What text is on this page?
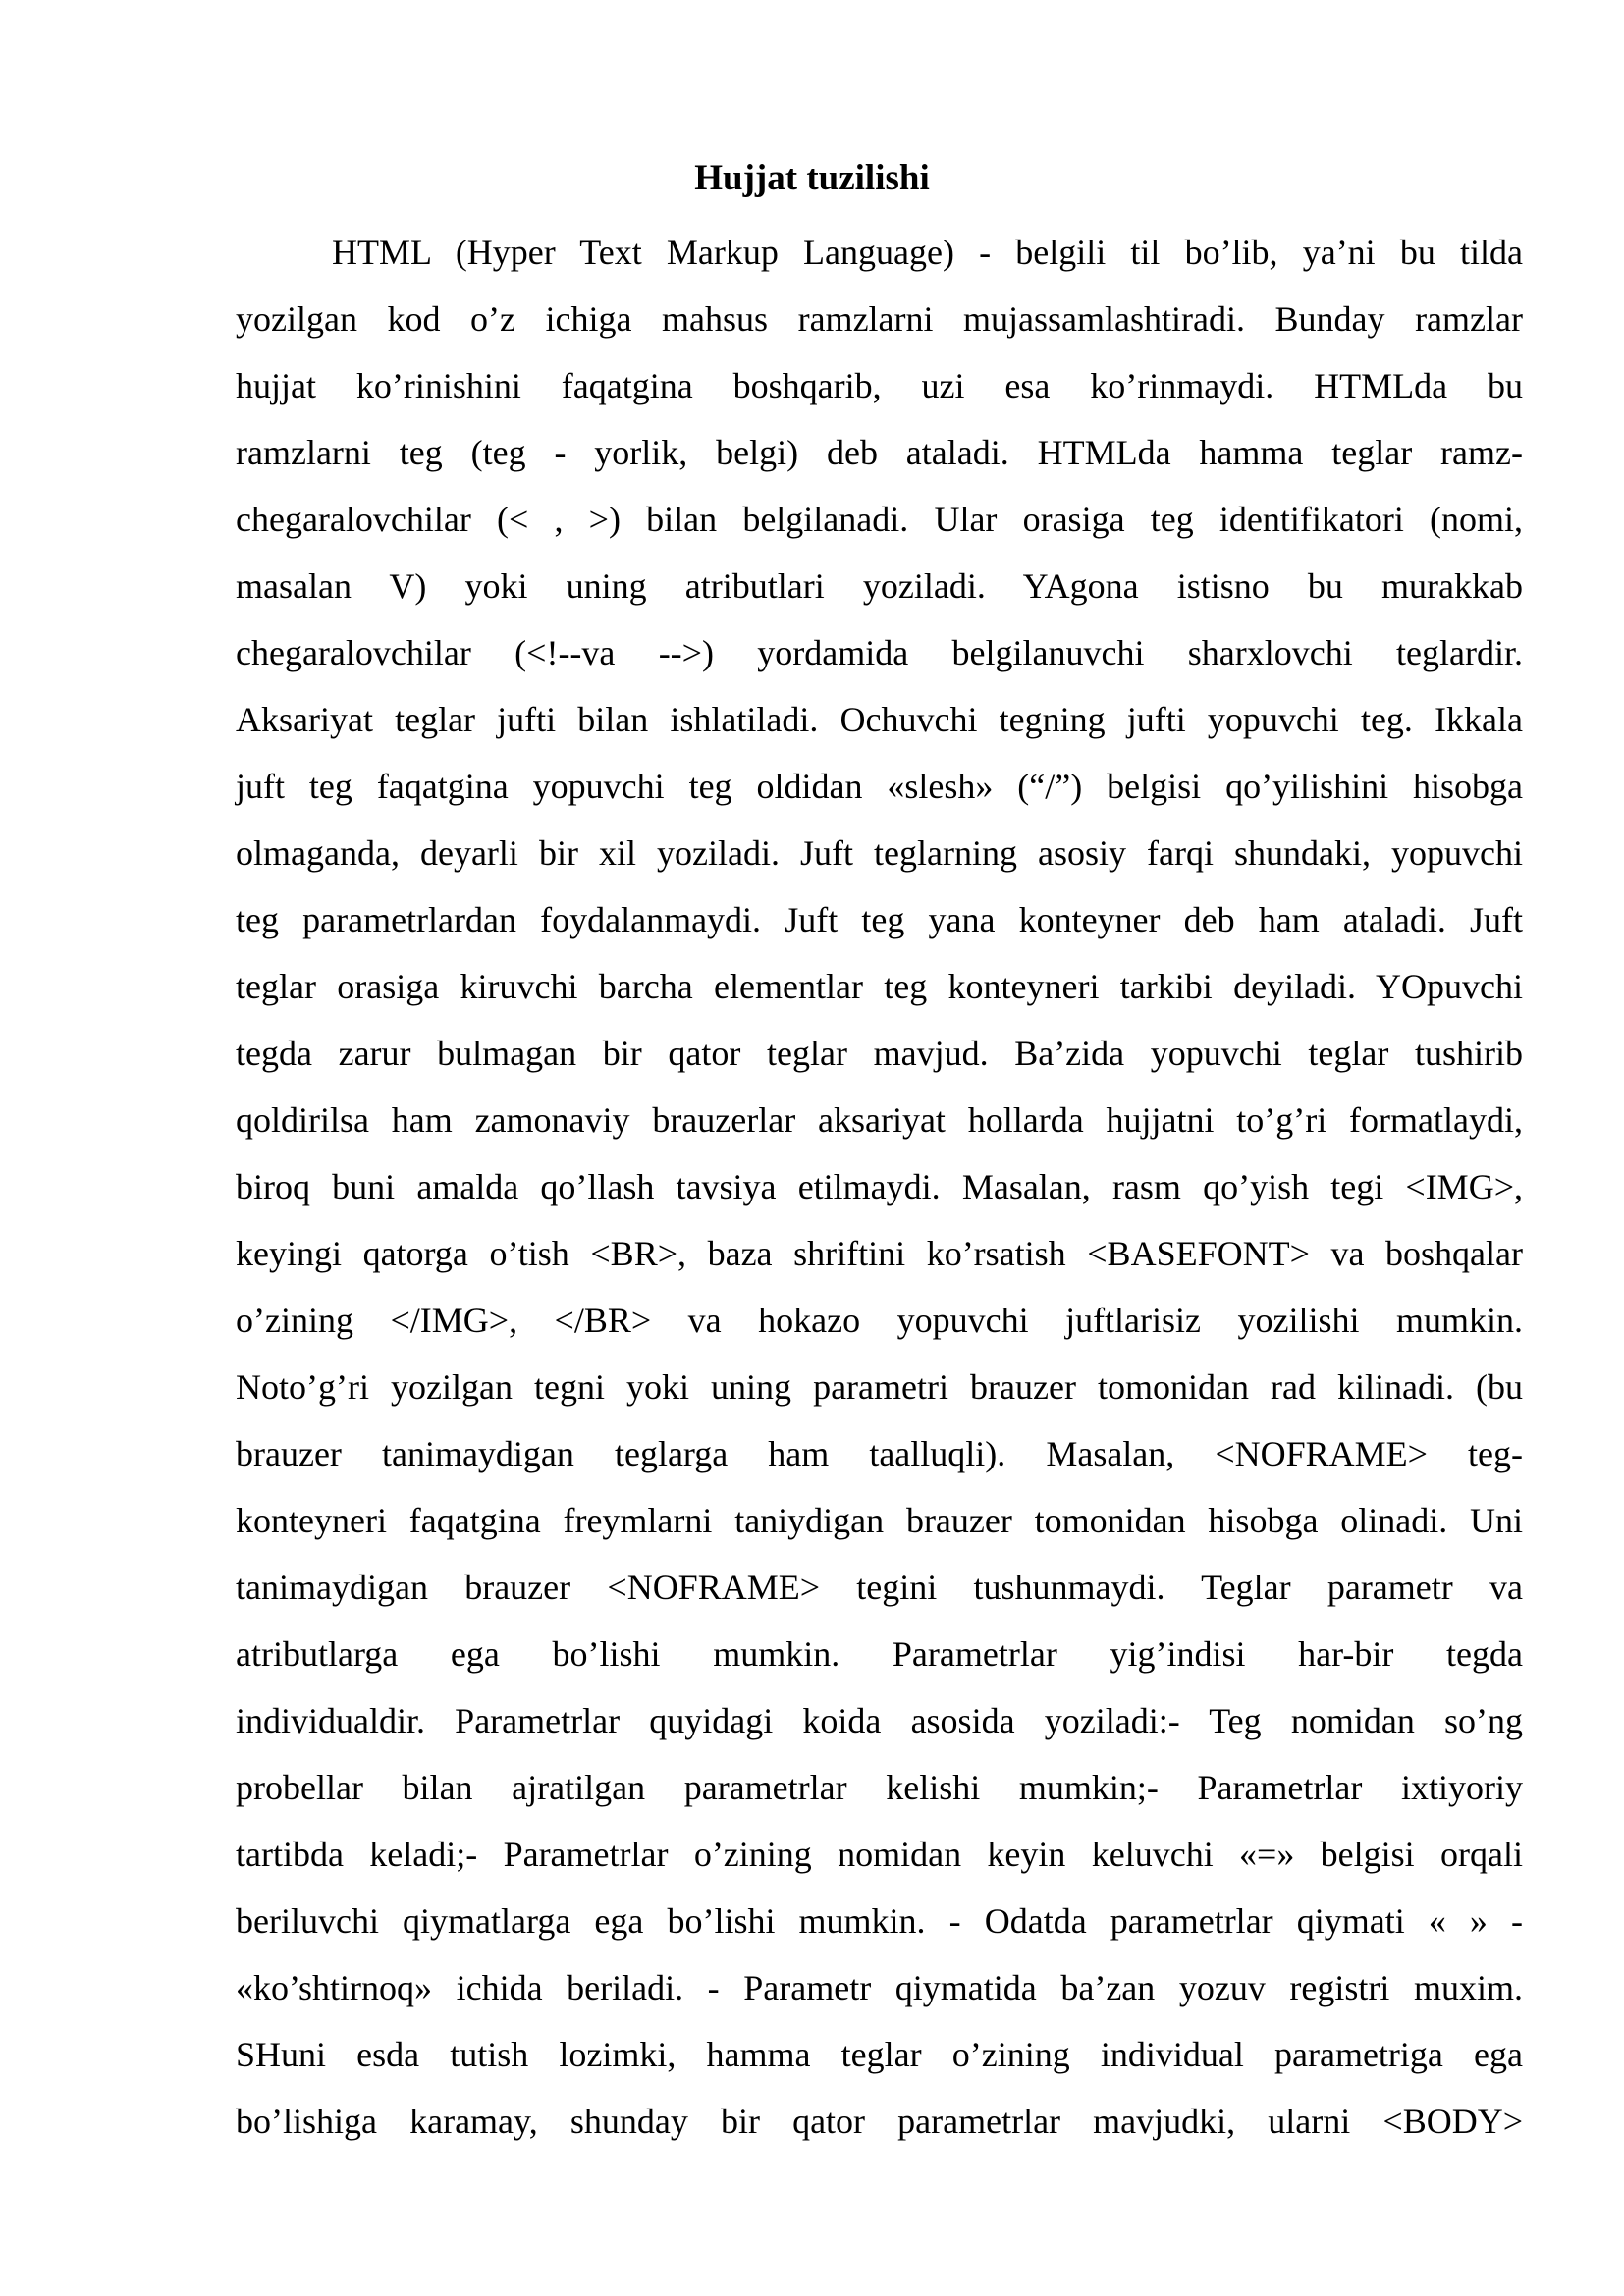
Hujjat tuzilishi
HTML (Hyper Text Markup Language) - belgili til bo’lib, ya’ni bu tilda
yozilgan kod o’z ichiga mahsus ramzlarni mujassamlashtiradi. Bunday ramzlar
hujjat ko’rinishini faqatgina boshqarib, uzi esa ko’rinmaydi. HTMLda bu
ramzlarni teg (teg - yorlik, belgi) deb ataladi. HTMLda hamma teglar ramz-
chegaralovchilar (< , >) bilan belgilanadi. Ular orasiga teg identifikatori (nomi,
masalan V) yoki uning atributlari yoziladi. YAgona istisno bu murakkab
chegaralovchilar (<!--va -->) yordamida belgilanuvchi sharxlovchi teglardir.
Aksariyat teglar jufti bilan ishlatiladi. Ochuvchi tegning jufti yopuvchi teg. Ikkala
juft teg faqatgina yopuvchi teg oldidan «slesh» (“/”) belgisi qo’yilishini hisobga
olmaganda, deyarli bir xil yoziladi. Juft teglarning asosiy farqi shundaki, yopuvchi
teg parametrlardan foydalanmaydi. Juft teg yana konteyner deb ham ataladi. Juft
teglar orasiga kiruvchi barcha elementlar teg konteyneri tarkibi deyiladi. YOpuvchi
tegda zarur bulmagan bir qator teglar mavjud. Ba’zida yopuvchi teglar tushirib
qoldirilsa ham zamonaviy brauzerlar aksariyat hollarda hujjatni to’g’ri formatlaydi,
biroq buni amalda qo’llash tavsiya etilmaydi. Masalan, rasm qo’yish tegi <IMG>,
keyingi qatorga o’tish <BR>, baza shriftini ko’rsatish <BASEFONT> va boshqalar
o’zining </IMG>, </BR> va hokazo yopuvchi juftlarisiz yozilishi mumkin.
Noto’g’ri yozilgan tegni yoki uning parametri brauzer tomonidan rad kilinadi. (bu
brauzer tanimaydigan teglarga ham taalluqli). Masalan, <NOFRAME> teg-
konteyneri faqatgina freymlarni taniydigan brauzer tomonidan hisobga olinadi. Uni
tanimaydigan brauzer <NOFRAME> tegini tushunmaydi. Teglar parametr va
atributlarga ega bo’lishi mumkin. Parametrlar yig’indisi har-bir tegda
individualdir. Parametrlar quyidagi koida asosida yoziladi:- Teg nomidan so’ng
probellar bilan ajratilgan parametrlar kelishi mumkin;- Parametrlar ixtiyoriy
tartibda keladi;- Parametrlar o’zining nomidan keyin keluvchi «=» belgisi orqali
beriluvchi qiymatlarga ega bo’lishi mumkin. - Odatda parametrlar qiymati « » -
«ko’shtirnoq» ichida beriladi. - Parametr qiymatida ba’zan yozuv registri muxim.
SHuni esda tutish lozimki, hamma teglar o’zining individual parametriga ega
bo’lishiga karamay, shunday bir qator parametrlar mavjudki, ularni <BODY>
